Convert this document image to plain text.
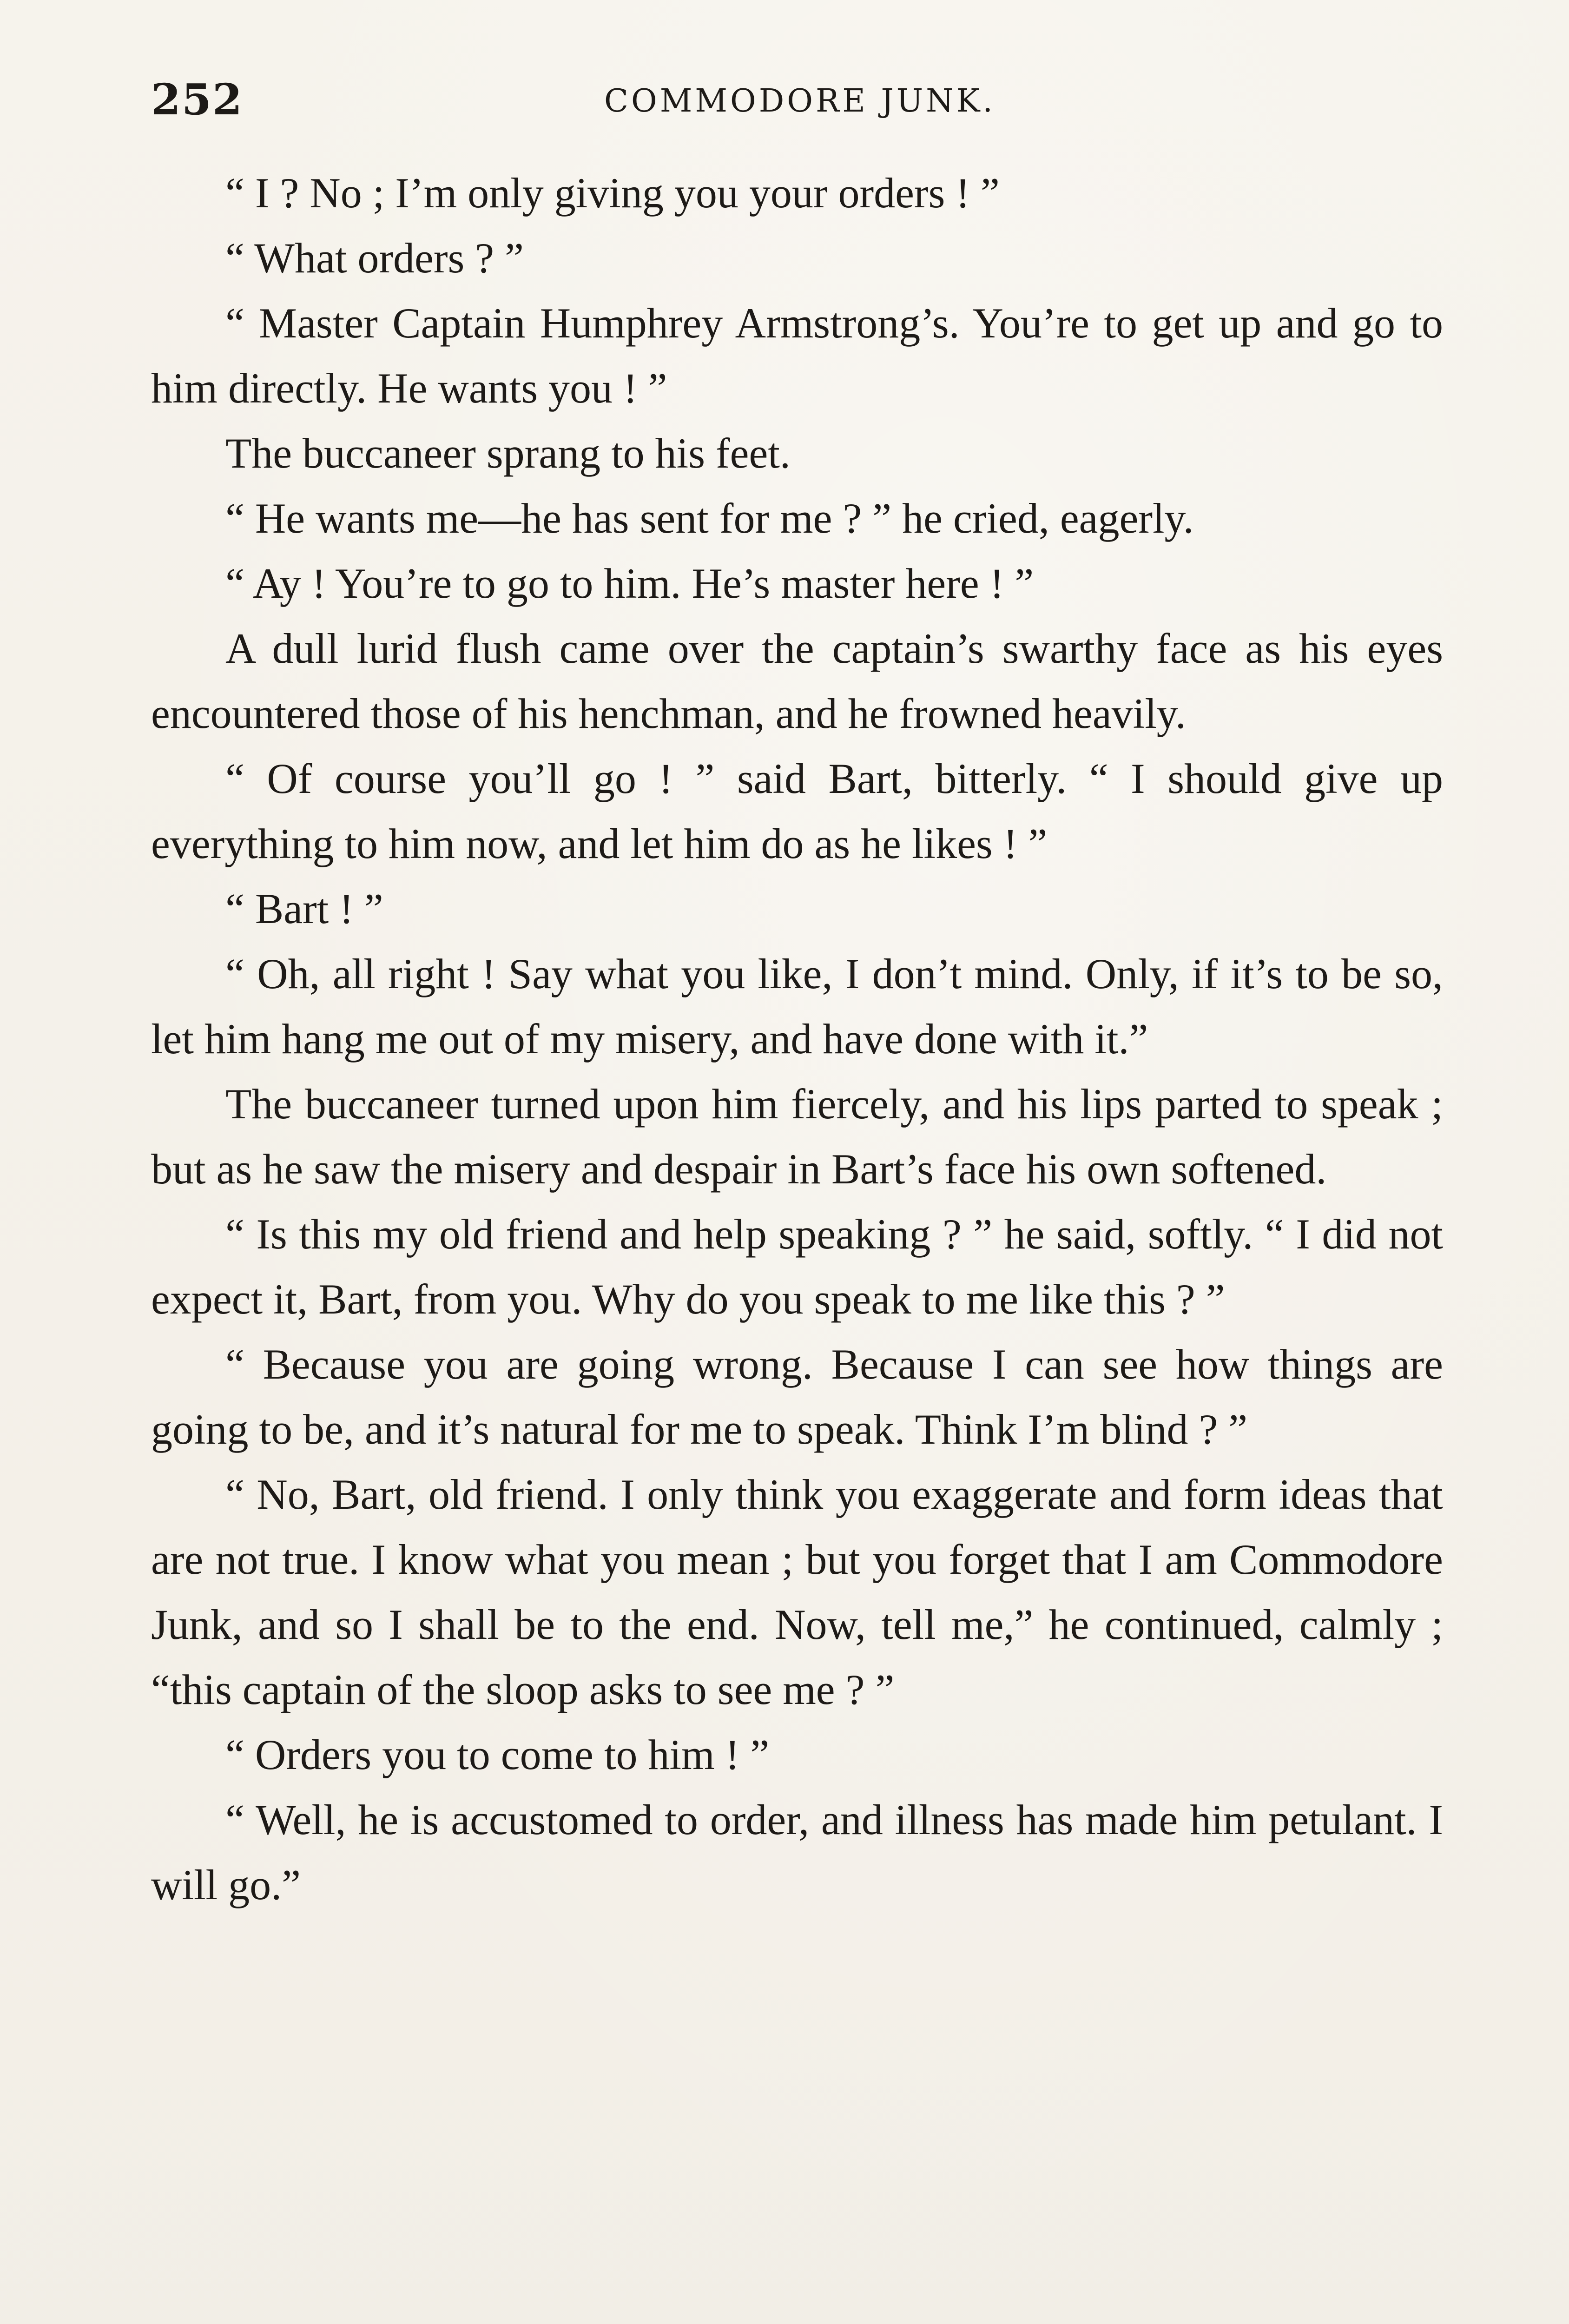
252	COMMODORE JUNK.

“ I ? No ; I’m only giving you your orders ! ”

“ What orders ? ”

“ Master Captain Humphrey Armstrong’s. You’re to get up and go to him directly. He wants you ! ”

The buccaneer sprang to his feet.

“ He wants me—he has sent for me ? ” he cried, eagerly.

“ Ay ! You’re to go to him. He’s master here ! ”

A dull lurid flush came over the captain’s swarthy face as his eyes encountered those of his henchman, and he frowned heavily.

“ Of course you’ll go ! ” said Bart, bitterly. “ I should give up everything to him now, and let him do as he likes ! ”

“ Bart ! ”

“ Oh, all right ! Say what you like, I don’t mind. Only, if it’s to be so, let him hang me out of my misery, and have done with it.”

The buccaneer turned upon him fiercely, and his lips parted to speak ; but as he saw the misery and despair in Bart’s face his own softened.

“ Is this my old friend and help speaking ? ” he said, softly. “ I did not expect it, Bart, from you. Why do you speak to me like this ? ”

“ Because you are going wrong. Because I can see how things are going to be, and it’s natural for me to speak. Think I’m blind ? ”

“ No, Bart, old friend. I only think you exaggerate and form ideas that are not true. I know what you mean ; but you forget that I am Commodore Junk, and so I shall be to the end. Now, tell me,” he continued, calmly ; “this captain of the sloop asks to see me ? ”

“ Orders you to come to him ! ”

“ Well, he is accustomed to order, and illness has made him petulant. I will go.”
